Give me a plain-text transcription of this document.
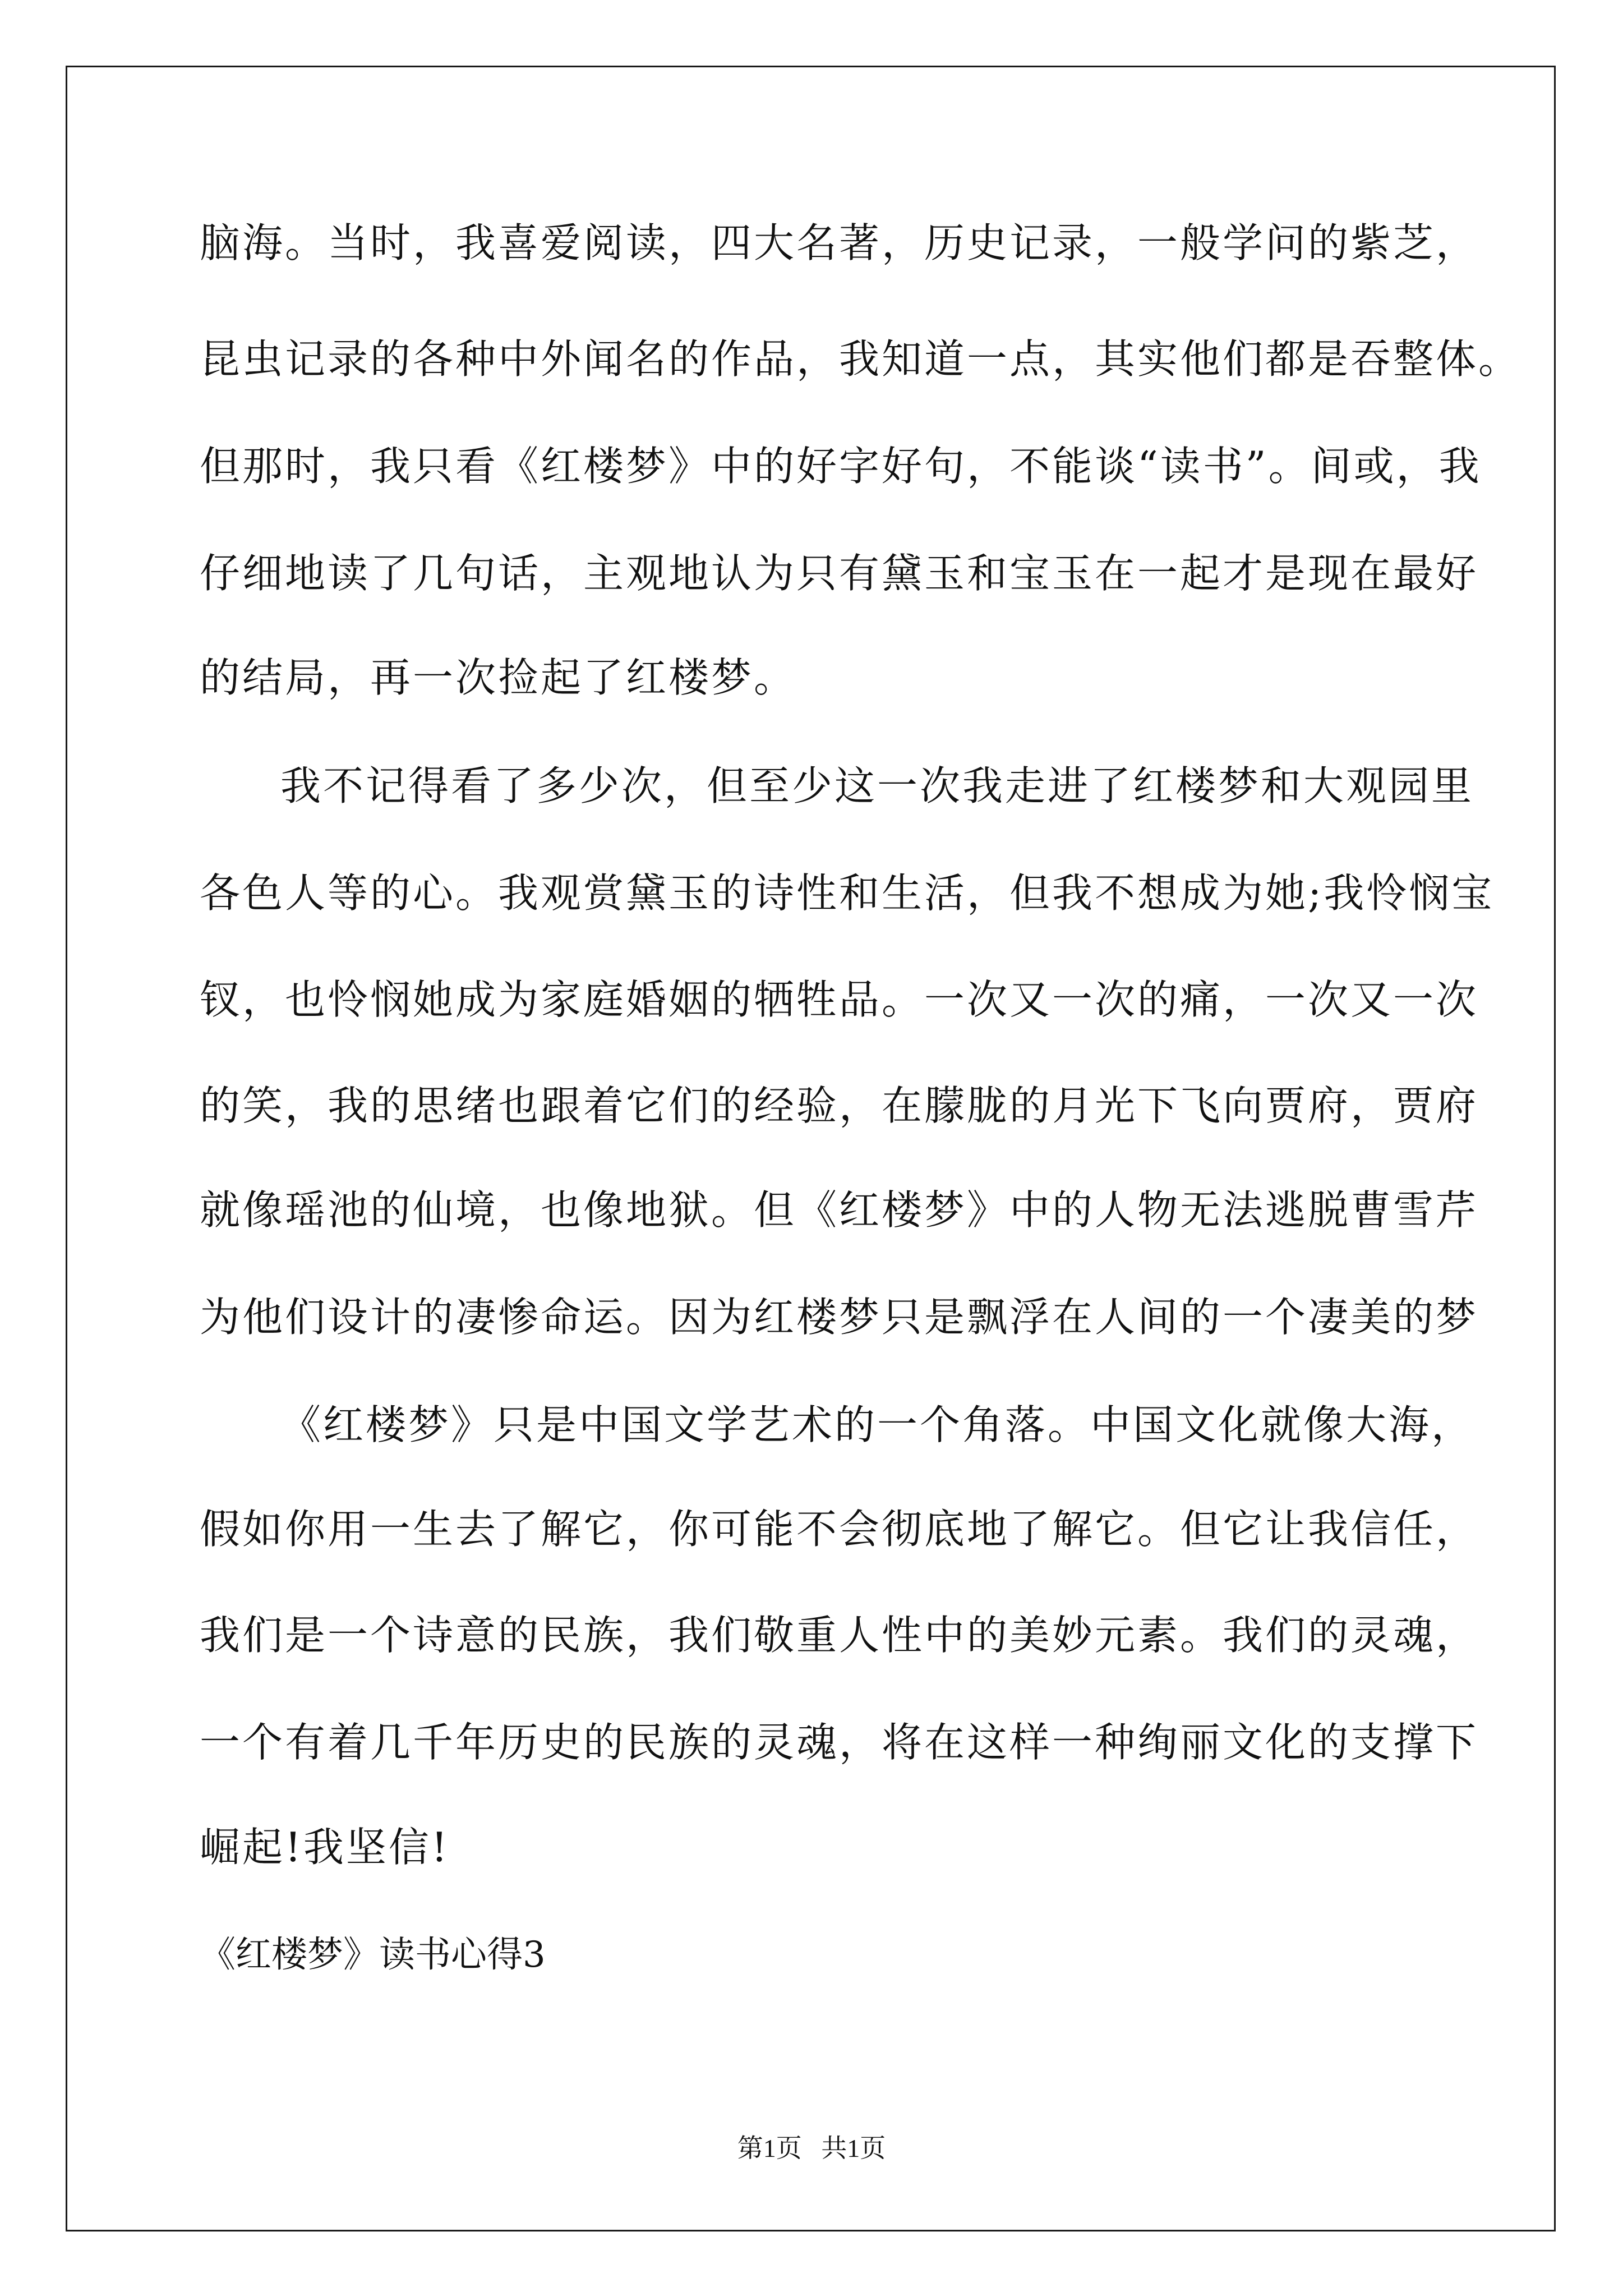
脑海。当时，我喜爱阅读，四大名著，历史记录，一般学问的紫芝，
昆虫记录的各种中外闻名的作品，我知道一点，其实他们都是吞整体。
但那时，我只看《红楼梦》中的好字好句，不能谈“读书”。间或，我
仔细地读了几句话，主观地认为只有黛玉和宝玉在一起才是现在最好
的结局，再一次捡起了红楼梦。
我不记得看了多少次，但至少这一次我走进了红楼梦和大观园里
各色人等的心。我观赏黛玉的诗性和生活，但我不想成为她;我怜悯宝
钗，也怜悯她成为家庭婚姻的牺牲品。一次又一次的痛，一次又一次
的笑，我的思绪也跟着它们的经验，在朦胧的月光下飞向贾府，贾府
就像瑶池的仙境，也像地狱。但《红楼梦》中的人物无法逃脱曹雪芹
为他们设计的凄惨命运。因为红楼梦只是飘浮在人间的一个凄美的梦
《红楼梦》只是中国文学艺术的一个角落。中国文化就像大海，
假如你用一生去了解它，你可能不会彻底地了解它。但它让我信任，
我们是一个诗意的民族，我们敬重人性中的美妙元素。我们的灵魂，
一个有着几千年历史的民族的灵魂，将在这样一种绚丽文化的支撑下
崛起!我坚信!
《红楼梦》读书心得3
第1页   共1页
